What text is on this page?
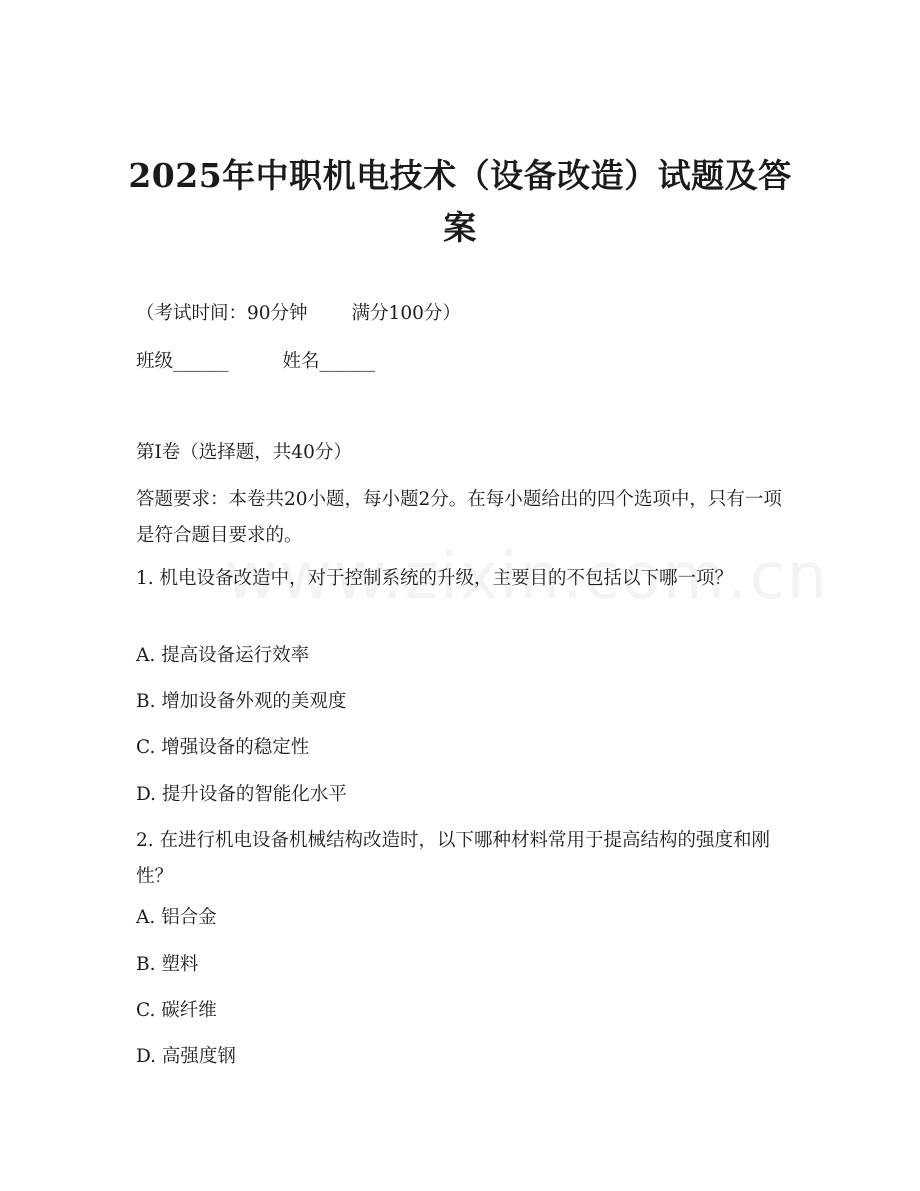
2025年中职机电技术（设备改造）试题及答案
（考试时间：90分钟 满分100分）
班级______	姓名______
第I卷（选择题，共40分）
答题要求：本卷共20小题，每小题2分。在每小题给出的四个选项中，只有一项是符合题目要求的。
1. 机电设备改造中，对于控制系统的升级，主要目的不包括以下哪一项？
A. 提高设备运行效率
B. 增加设备外观的美观度
C. 增强设备的稳定性
D. 提升设备的智能化水平
2. 在进行机电设备机械结构改造时，以下哪种材料常用于提高结构的强度和刚性？
A. 铝合金
B. 塑料
C. 碳纤维
D. 高强度钢
